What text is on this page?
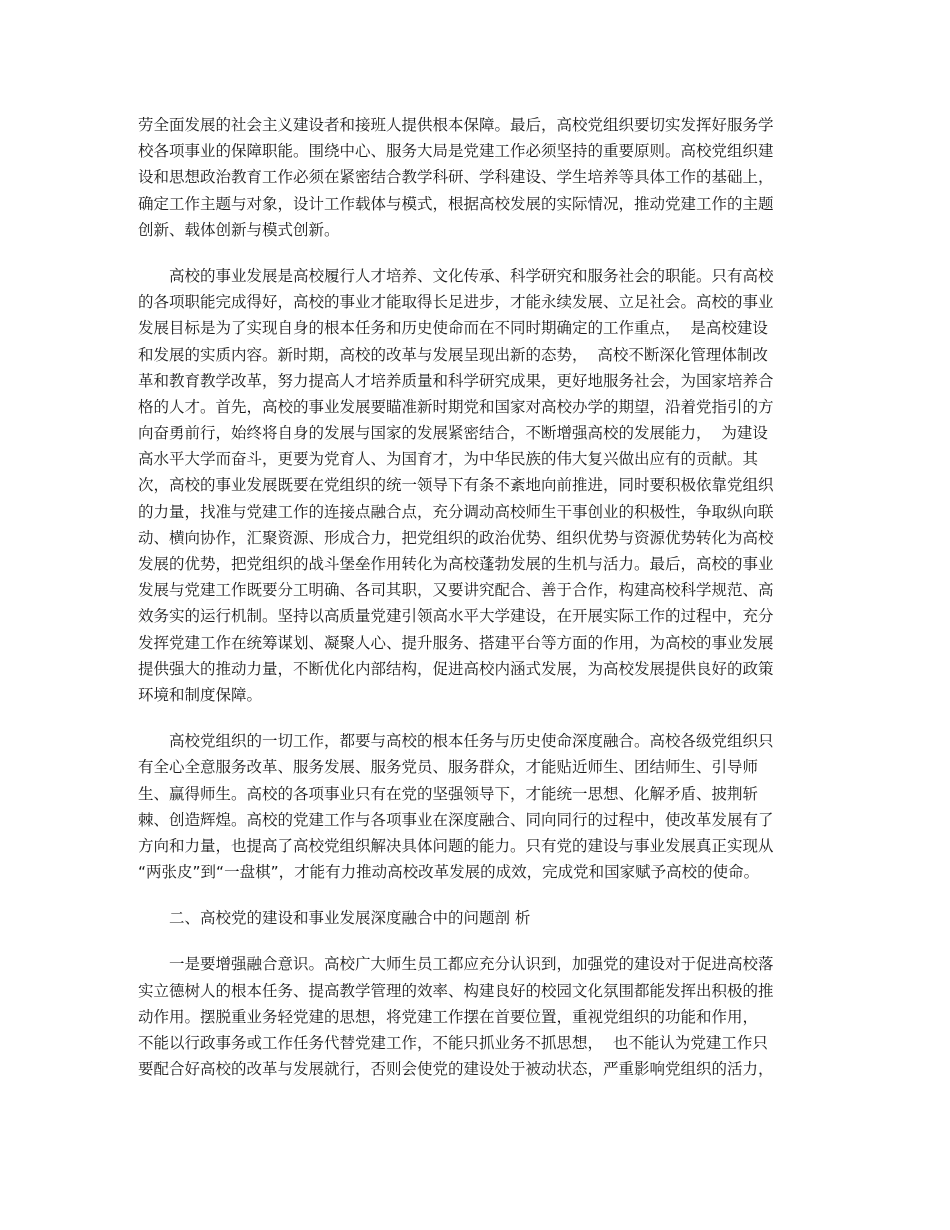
劳全面发展的社会主义建设者和接班人提供根本保障。最后，高校党组织要切实发挥好服务学
校各项事业的保障职能。围绕中心、服务大局是党建工作必须坚持的重要原则。高校党组织建
设和思想政治教育工作必须在紧密结合教学科研、学科建设、学生培养等具体工作的基础上，
确定工作主题与对象，设计工作载体与模式，根据高校发展的实际情况，推动党建工作的主题
创新、载体创新与模式创新。
　　高校的事业发展是高校履行人才培养、文化传承、科学研究和服务社会的职能。只有高校
的各项职能完成得好，高校的事业才能取得长足进步，才能永续发展、立足社会。高校的事业
发展目标是为了实现自身的根本任务和历史使命而在不同时期确定的工作重点，  是高校建设
和发展的实质内容。新时期，高校的改革与发展呈现出新的态势，  高校不断深化管理体制改
革和教育教学改革，努力提高人才培养质量和科学研究成果，更好地服务社会，为国家培养合
格的人才。首先，高校的事业发展要瞄准新时期党和国家对高校办学的期望，沿着党指引的方
向奋勇前行，始终将自身的发展与国家的发展紧密结合，不断增强高校的发展能力，  为建设
高水平大学而奋斗，更要为党育人、为国育才，为中华民族的伟大复兴做出应有的贡献。其
次，高校的事业发展既要在党组织的统一领导下有条不紊地向前推进，同时要积极依靠党组织
的力量，找准与党建工作的连接点融合点，充分调动高校师生干事创业的积极性，争取纵向联
动、横向协作，汇聚资源、形成合力，把党组织的政治优势、组织优势与资源优势转化为高校
发展的优势，把党组织的战斗堡垒作用转化为高校蓬勃发展的生机与活力。最后，高校的事业
发展与党建工作既要分工明确、各司其职，又要讲究配合、善于合作，构建高校科学规范、高
效务实的运行机制。坚持以高质量党建引领高水平大学建设，在开展实际工作的过程中，充分
发挥党建工作在统筹谋划、凝聚人心、提升服务、搭建平台等方面的作用，为高校的事业发展
提供强大的推动力量，不断优化内部结构，促进高校内涵式发展，为高校发展提供良好的政策
环境和制度保障。
　　高校党组织的一切工作，都要与高校的根本任务与历史使命深度融合。高校各级党组织只
有全心全意服务改革、服务发展、服务党员、服务群众，才能贴近师生、团结师生、引导师
生、赢得师生。高校的各项事业只有在党的坚强领导下，才能统一思想、化解矛盾、披荆斩
棘、创造辉煌。高校的党建工作与各项事业在深度融合、同向同行的过程中，使改革发展有了
方向和力量，也提高了高校党组织解决具体问题的能力。只有党的建设与事业发展真正实现从
“两张皮”到“一盘棋”，才能有力推动高校改革发展的成效，完成党和国家赋予高校的使命。
　　二、高校党的建设和事业发展深度融合中的问题剖 析
　　一是要增强融合意识。高校广大师生员工都应充分认识到，加强党的建设对于促进高校落
实立德树人的根本任务、提高教学管理的效率、构建良好的校园文化氛围都能发挥出积极的推
动作用。摆脱重业务轻党建的思想，将党建工作摆在首要位置，重视党组织的功能和作用，
不能以行政事务或工作任务代替党建工作，不能只抓业务不抓思想，  也不能认为党建工作只
要配合好高校的改革与发展就行，否则会使党的建设处于被动状态，严重影响党组织的活力，
